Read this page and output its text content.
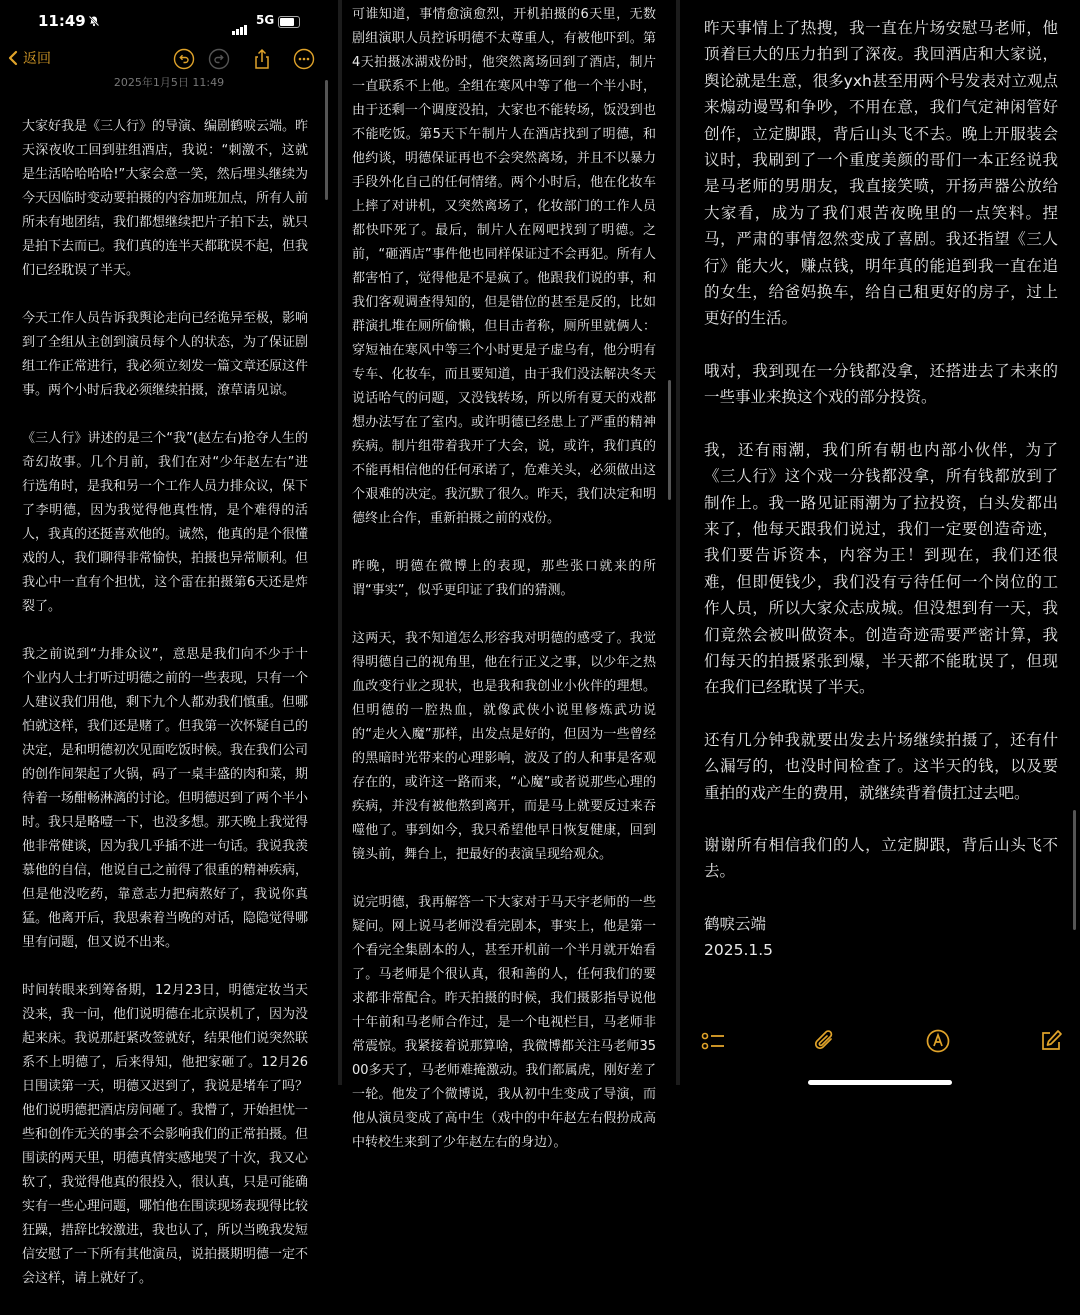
11:49	5G
返回
2025年1月5日 11:49

大家好我是《三人行》的导演、编剧鹤唳云端。昨天深夜收工回到驻组酒店，我说：“刺激不，这就是生活哈哈哈哈!”大家会意一笑，然后埋头继续为今天因临时变动要拍摄的内容加班加点，所有人前所未有地团结，我们都想继续把片子拍下去，就只是拍下去而已。我们真的连半天都耽误不起，但我们已经耽误了半天。

今天工作人员告诉我舆论走向已经诡异至极，影响到了全组从主创到演员每个人的状态，为了保证剧组工作正常进行，我必须立刻发一篇文章还原这件事。两个小时后我必须继续拍摄，潦草请见谅。

《三人行》讲述的是三个“我”(赵左右)抢夺人生的奇幻故事。几个月前，我们在对“少年赵左右”进行选角时，是我和另一个工作人员力排众议，保下了李明德，因为我觉得他真性情，是个难得的活人，我真的还挺喜欢他的。诚然，他真的是个很懂戏的人，我们聊得非常愉快，拍摄也异常顺利。但我心中一直有个担忧，这个雷在拍摄第6天还是炸裂了。

我之前说到“力排众议”，意思是我们向不少于十个业内人士打听过明德之前的一些表现，只有一个人建议我们用他，剩下九个人都劝我们慎重。但哪怕就这样，我们还是赌了。但我第一次怀疑自己的决定，是和明德初次见面吃饭时候。我在我们公司的创作间架起了火锅，码了一桌丰盛的肉和菜，期待着一场酣畅淋漓的讨论。但明德迟到了两个半小时。我只是略噎一下，也没多想。那天晚上我觉得他非常健谈，因为我几乎插不进一句话。我说我羡慕他的自信，他说自己之前得了很重的精神疾病，但是他没吃药，靠意志力把病熬好了，我说你真猛。他离开后，我思索着当晚的对话，隐隐觉得哪里有问题，但又说不出来。

时间转眼来到筹备期，12月23日，明德定妆当天没来，我一问，他们说明德在北京误机了，因为没起来床。我说那赶紧改签就好，结果他们说突然联系不上明德了，后来得知，他把家砸了。12月26日围读第一天，明德又迟到了，我说是堵车了吗？他们说明德把酒店房间砸了。我懵了，开始担忧一些和创作无关的事会不会影响我们的正常拍摄。但围读的两天里，明德真情实感地哭了十次，我又心软了，我觉得他真的很投入，很认真，只是可能确实有一些心理问题，哪怕他在围读现场表现得比较狂躁，措辞比较激进，我也认了，所以当晚我发短信安慰了一下所有其他演员，说拍摄期明德一定不会这样，请上就好了。

可谁知道，事情愈演愈烈，开机拍摄的6天里，无数剧组演职人员控诉明德不太尊重人，有被他吓到。第4天拍摄冰湖戏份时，他突然离场回到了酒店，制片一直联系不上他。全组在寒风中等了他一个半小时，由于还剩一个调度没拍，大家也不能转场，饭没到也不能吃饭。第5天下午制片人在酒店找到了明德，和他约谈，明德保证再也不会突然离场，并且不以暴力手段外化自己的任何情绪。两个小时后，他在化妆车上摔了对讲机，又突然离场了，化妆部门的工作人员都快吓死了。最后，制片人在网吧找到了明德。之前，“砸酒店”事件他也同样保证过不会再犯。所有人都害怕了，觉得他是不是疯了。他跟我们说的事，和我们客观调查得知的，但是错位的甚至是反的，比如群演扎堆在厕所偷懒，但目击者称，厕所里就俩人：穿短袖在寒风中等三个小时更是子虚乌有，他分明有专车、化妆车，而且要知道，由于我们没法解决冬天说话哈气的问题，又没钱转场，所以所有夏天的戏都想办法写在了室内。或许明德已经患上了严重的精神疾病。制片组带着我开了大会，说，或许，我们真的不能再相信他的任何承诺了，危难关头，必须做出这个艰难的决定。我沉默了很久。昨天，我们决定和明德终止合作，重新拍摄之前的戏份。

昨晚，明德在微博上的表现，那些张口就来的所谓“事实”，似乎更印证了我们的猜测。

这两天，我不知道怎么形容我对明德的感受了。我觉得明德自己的视角里，他在行正义之事，以少年之热血改变行业之现状，也是我和我创业小伙伴的理想。但明德的一腔热血，就像武侠小说里修炼武功说的“走火入魔”那样，出发点是好的，但因为一些曾经的黑暗时光带来的心理影响，波及了的人和事是客观存在的，或许这一路而来，“心魔”或者说那些心理的疾病，并没有被他熬到离开，而是马上就要反过来吞噬他了。事到如今，我只希望他早日恢复健康，回到镜头前，舞台上，把最好的表演呈现给观众。

说完明德，我再解答一下大家对于马天宇老师的一些疑问。网上说马老师没看完剧本，事实上，他是第一个看完全集剧本的人，甚至开机前一个半月就开始看了。马老师是个很认真，很和善的人，任何我们的要求都非常配合。昨天拍摄的时候，我们摄影指导说他十年前和马老师合作过，是一个电视栏目，马老师非常震惊。我紧接着说那算啥，我微博都关注马老师3500多天了，马老师难掩激动。我们都属虎，刚好差了一轮。他发了个微博说，我从初中生变成了导演，而他从演员变成了高中生（戏中的中年赵左右假扮成高中转校生来到了少年赵左右的身边）。

昨天事情上了热搜，我一直在片场安慰马老师，他顶着巨大的压力拍到了深夜。我回酒店和大家说，舆论就是生意，很多yxh甚至用两个号发表对立观点来煽动谩骂和争吵，不用在意，我们气定神闲管好创作，立定脚跟，背后山头飞不去。晚上开服装会议时，我刷到了一个重度美颜的哥们一本正经说我是马老师的男朋友，我直接笑喷，开扬声器公放给大家看，成为了我们艰苦夜晚里的一点笑料。捏马，严肃的事情忽然变成了喜剧。我还指望《三人行》能大火，赚点钱，明年真的能追到我一直在追的女生，给爸妈换车，给自己租更好的房子，过上更好的生活。

哦对，我到现在一分钱都没拿，还搭进去了未来的一些事业来换这个戏的部分投资。

我，还有雨潮，我们所有朝也内部小伙伴，为了《三人行》这个戏一分钱都没拿，所有钱都放到了制作上。我一路见证雨潮为了拉投资，白头发都出来了，他每天跟我们说过，我们一定要创造奇迹，我们要告诉资本，内容为王！到现在，我们还很难，但即便钱少，我们没有亏待任何一个岗位的工作人员，所以大家众志成城。但没想到有一天，我们竟然会被叫做资本。创造奇迹需要严密计算，我们每天的拍摄紧张到爆，半天都不能耽误了，但现在我们已经耽误了半天。

还有几分钟我就要出发去片场继续拍摄了，还有什么漏写的，也没时间检查了。这半天的钱，以及要重拍的戏产生的费用，就继续背着债扛过去吧。

谢谢所有相信我们的人，立定脚跟，背后山头飞不去。

鹤唳云端

2025.1.5
